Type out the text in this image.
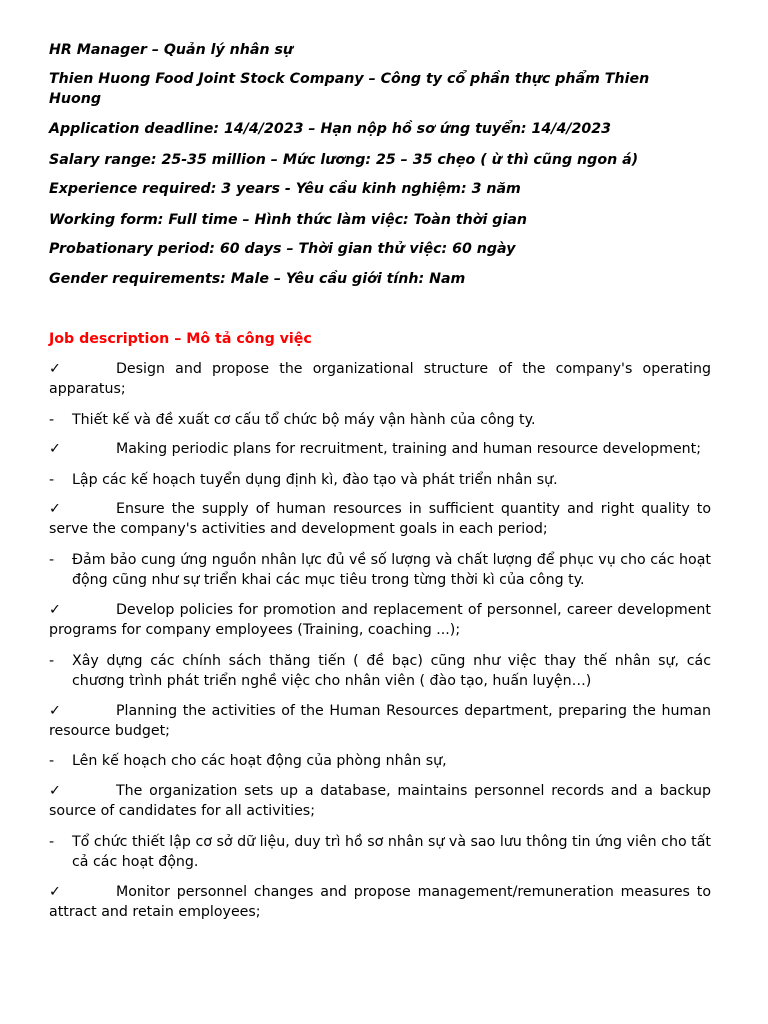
HR Manager – Quản lý nhân sự
Thien Huong Food Joint Stock Company – Công ty cổ phần thực phẩm Thien Huong
Application deadline: 14/4/2023 – Hạn nộp hồ sơ ứng tuyển: 14/4/2023
Salary range: 25-35 million – Mức lương: 25 – 35 chẹo ( ừ thì cũng ngon á)
Experience required: 3 years - Yêu cầu kinh nghiệm: 3 năm
Working form: Full time – Hình thức làm việc: Toàn thời gian
Probationary period: 60 days – Thời gian thử việc: 60 ngày
Gender requirements: Male – Yêu cầu giới tính: Nam
Job description – Mô tả công việc
✓	Design and propose the organizational structure of the company's operating apparatus;
- Thiết kế và đề xuất cơ cấu tổ chức bộ máy vận hành của công ty.
✓	Making periodic plans for recruitment, training and human resource development;
- Lập các kế hoạch tuyển dụng định kì, đào tạo và phát triển nhân sự.
✓	Ensure the supply of human resources in sufficient quantity and right quality to serve the company's activities and development goals in each period;
- Đảm bảo cung ứng nguồn nhân lực đủ về số lượng và chất lượng để phục vụ cho các hoạt động cũng như sự triển khai các mục tiêu trong từng thời kì của công ty.
✓	Develop policies for promotion and replacement of personnel, career development programs for company employees (Training, coaching ...);
- Xây dựng các chính sách thăng tiến ( đề bạc) cũng như việc thay thế nhân sự, các chương trình phát triển nghề việc cho nhân viên ( đào tạo, huấn luyện…)
✓	Planning the activities of the Human Resources department, preparing the human resource budget;
- Lên kế hoạch cho các hoạt động của phòng nhân sự,
✓	The organization sets up a database, maintains personnel records and a backup source of candidates for all activities;
- Tổ chức thiết lập cơ sở dữ liệu, duy trì hồ sơ nhân sự và sao lưu thông tin ứng viên cho tất cả các hoạt động.
✓	Monitor personnel changes and propose management/remuneration measures to attract and retain employees;
